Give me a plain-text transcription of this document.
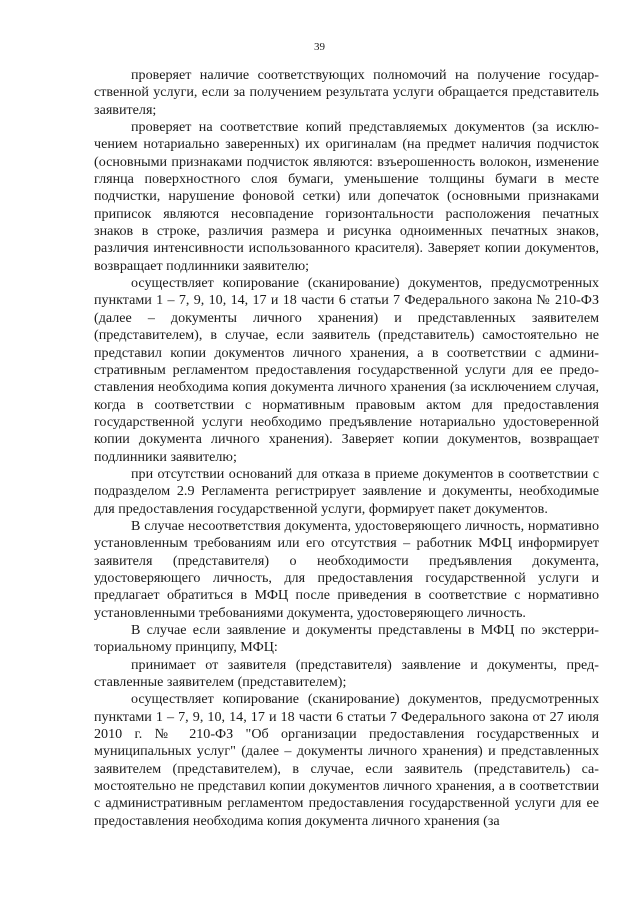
39

проверяет наличие соответствующих полномочий на получение государственной услуги, если за получением результата услуги обращается представитель заявителя;

проверяет на соответствие копий представляемых документов (за исключением нотариально заверенных) их оригиналам (на предмет наличия подчисток (основными признаками подчисток являются: взъерошенность волокон, изменение глянца поверхностного слоя бумаги, уменьшение толщины бумаги в месте подчистки, нарушение фоновой сетки) или допечаток (основными признаками приписок являются несовпадение горизонтальности расположения печатных знаков в строке, различия размера и рисунка одноименных печатных знаков, различия интенсивности использованного красителя). Заверяет копии документов, возвращает подлинники заявителю;

осуществляет копирование (сканирование) документов, предусмотренных пунктами 1 – 7, 9, 10, 14, 17 и 18 части 6 статьи 7 Федерального закона № 210-ФЗ (далее – документы личного хранения) и представленных заявителем (представителем), в случае, если заявитель (представитель) самостоятельно не представил копии документов личного хранения, а в соответствии с административным регламентом предоставления государственной услуги для ее предоставления необходима копия документа личного хранения (за исключением случая, когда в соответствии с нормативным правовым актом для предоставления государственной услуги необходимо предъявление нотариально удостоверенной копии документа личного хранения). Заверяет копии документов, возвращает подлинники заявителю;

при отсутствии оснований для отказа в приеме документов в соответствии с подразделом 2.9 Регламента регистрирует заявление и документы, необходимые для предоставления государственной услуги, формирует пакет документов.

В случае несоответствия документа, удостоверяющего личность, нормативно установленным требованиям или его отсутствия – работник МФЦ информирует заявителя (представителя) о необходимости предъявления документа, удостоверяющего личность, для предоставления государственной услуги и предлагает обратиться в МФЦ после приведения в соответствие с нормативно установленными требованиями документа, удостоверяющего личность.

В случае если заявление и документы представлены в МФЦ по экстерриториальному принципу, МФЦ:

принимает от заявителя (представителя) заявление и документы, представленные заявителем (представителем);

осуществляет копирование (сканирование) документов, предусмотренных пунктами 1 – 7, 9, 10, 14, 17 и 18 части 6 статьи 7 Федерального закона от 27 июля 2010 г. № 210-ФЗ "Об организации предоставления государственных и муниципальных услуг" (далее – документы личного хранения) и представленных заявителем (представителем), в случае, если заявитель (представитель) самостоятельно не представил копии документов личного хранения, а в соответствии с административным регламентом предоставления государственной услуги для ее предоставления необходима копия документа личного хранения (за
